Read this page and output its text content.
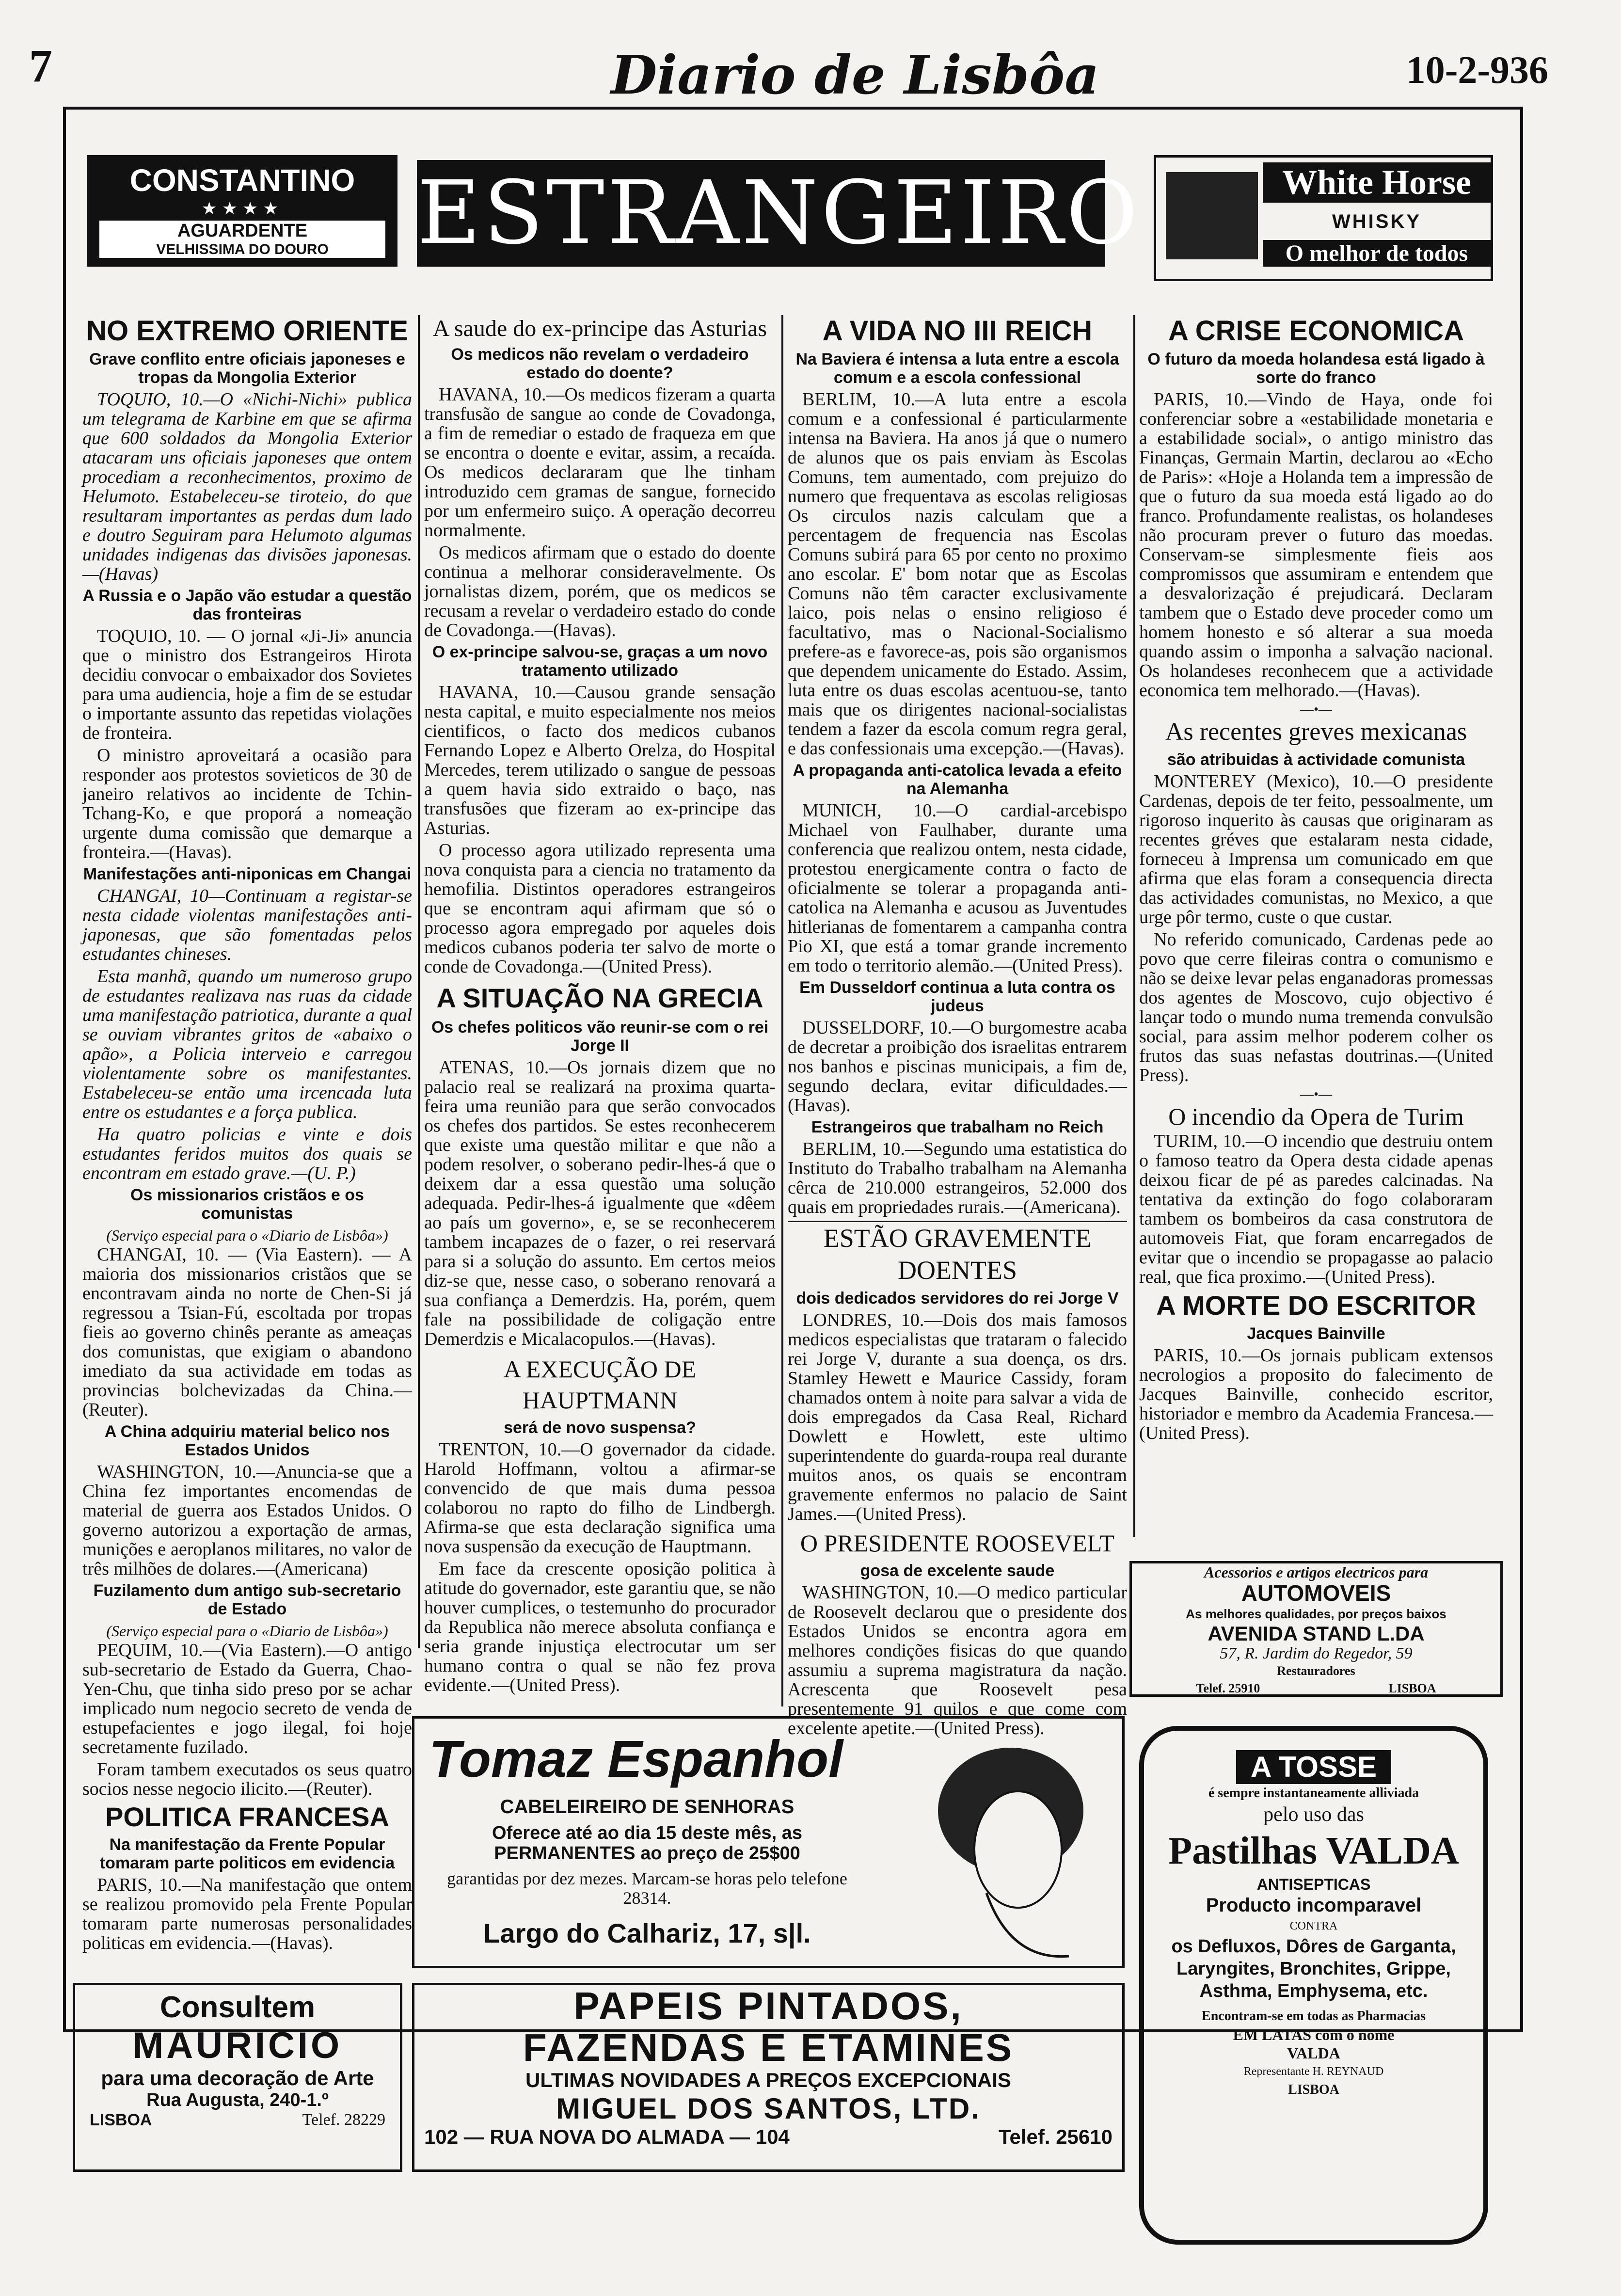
7	Diario de Lisbôa	10-2-936
CONSTANTINO
★★★★
AGUARDENTE
VELHISSIMA DO DOURO	ESTRANGEIRO	White Horse
WHISKY
O melhor de todos
NO EXTREMO ORIENTE
Grave conflito entre oficiais japoneses e tropas da Mongolia Exterior

TOQUIO, 10.—O «Nichi-Nichi» publica um telegrama de Karbine em que se afirma que 600 soldados da Mongolia Exterior atacaram uns oficiais japoneses que ontem procediam a reconhecimentos, proximo de Helumoto. Estabeleceu-se tiroteio, do que resultaram importantes as perdas dum lado e doutro Seguiram para Helumoto algumas unidades indigenas das divisões japonesas.—(Havas)

A Russia e o Japão vão estudar a questão das fronteiras

TOQUIO, 10. — O jornal «Ji-Ji» anuncia que o ministro dos Estrangeiros Hirota decidiu convocar o embaixador dos Sovietes para uma audiencia, hoje a fim de se estudar o importante assunto das repetidas violações de fronteira.

O ministro aproveitará a ocasião para responder aos protestos sovieticos de 30 de janeiro relativos ao incidente de Tchin-Tchang-Ko, e que proporá a nomeação urgente duma comissão que demarque a fronteira.—(Havas).

Manifestações anti-niponicas em Changai

CHANGAI, 10—Continuam a registar-se nesta cidade violentas manifestações anti-japonesas, que são fomentadas pelos estudantes chineses.

Esta manhã, quando um numeroso grupo de estudantes realizava nas ruas da cidade uma manifestação patriotica, durante a qual se ouviam vibrantes gritos de «abaixo o apão», a Policia interveio e carregou violentamente sobre os manifestantes. Estabeleceu-se então uma ircencada luta entre os estudantes e a força publica.

Ha quatro policias e vinte e dois estudantes feridos muitos dos quais se encontram em estado grave.—(U. P.)

Os missionarios cristãos e os comunistas
(Serviço especial para o «Diario de Lisbôa»)

CHANGAI, 10. — (Via Eastern). — A maioria dos missionarios cristãos que se encontravam ainda no norte de Chen-Si já regressou a Tsian-Fú, escoltada por tropas fieis ao governo chinês perante as ameaças dos comunistas, que exigiam o abandono imediato da sua actividade em todas as provincias bolchevizadas da China.—(Reuter).

A China adquiriu material belico nos Estados Unidos

WASHINGTON, 10.—Anuncia-se que a China fez importantes encomendas de material de guerra aos Estados Unidos. O governo autorizou a exportação de armas, munições e aeroplanos militares, no valor de três milhões de dolares.—(Americana)

Fuzilamento dum antigo sub-secretario de Estado
(Serviço especial para o «Diario de Lisbôa»)

PEQUIM, 10.—(Via Eastern).—O antigo sub-secretario de Estado da Guerra, Chao-Yen-Chu, que tinha sido preso por se achar implicado num negocio secreto de venda de estupefacientes e jogo ilegal, foi hoje secretamente fuzilado.

Foram tambem executados os seus quatro socios nesse negocio ilicito.—(Reuter).

POLITICA FRANCESA
Na manifestação da Frente Popular tomaram parte politicos em evidencia

PARIS, 10.—Na manifestação que ontem se realizou promovido pela Frente Popular tomaram parte numerosas personalidades politicas em evidencia.—(Havas).

A saude do ex-principe das Asturias
Os medicos não revelam o verdadeiro estado do doente?

HAVANA, 10.—Os medicos fizeram a quarta transfusão de sangue ao conde de Covadonga, a fim de remediar o estado de fraqueza em que se encontra o doente e evitar, assim, a recaída. Os medicos declararam que lhe tinham introduzido cem gramas de sangue, fornecido por um enfermeiro suiço. A operação decorreu normalmente.

Os medicos afirmam que o estado do doente continua a melhorar consideravelmente. Os jornalistas dizem, porém, que os medicos se recusam a revelar o verdadeiro estado do conde de Covadonga.—(Havas).

O ex-principe salvou-se, graças a um novo tratamento utilizado

HAVANA, 10.—Causou grande sensação nesta capital, e muito especialmente nos meios cientificos, o facto dos medicos cubanos Fernando Lopez e Alberto Orelza, do Hospital Mercedes, terem utilizado o sangue de pessoas a quem havia sido extraido o baço, nas transfusões que fizeram ao ex-principe das Asturias.

O processo agora utilizado representa uma nova conquista para a ciencia no tratamento da hemofilia. Distintos operadores estrangeiros que se encontram aqui afirmam que só o processo agora empregado por aqueles dois medicos cubanos poderia ter salvo de morte o conde de Covadonga.—(United Press).

A SITUAÇÃO NA GRECIA
Os chefes politicos vão reunir-se com o rei Jorge II

ATENAS, 10.—Os jornais dizem que no palacio real se realizará na proxima quarta-feira uma reunião para que serão convocados os chefes dos partidos. Se estes reconhecerem que existe uma questão militar e que não a podem resolver, o soberano pedir-lhes-á que o deixem dar a essa questão uma solução adequada. Pedir-lhes-á igualmente que «dêem ao país um governo», e, se se reconhecerem tambem incapazes de o fazer, o rei reservará para si a solução do assunto. Em certos meios diz-se que, nesse caso, o soberano renovará a sua confiança a Demerdzis. Ha, porém, quem fale na possibilidade de coligação entre Demerdzis e Micalacopulos.—(Havas).

A EXECUÇÃO DE HAUPTMANN
será de novo suspensa?

TRENTON, 10.—O governador da cidade. Harold Hoffmann, voltou a afirmar-se convencido de que mais duma pessoa colaborou no rapto do filho de Lindbergh. Afirma-se que esta declaração significa uma nova suspensão da execução de Hauptmann.

Em face da crescente oposição politica à atitude do governador, este garantiu que, se não houver cumplices, o testemunho do procurador da Republica não merece absoluta confiança e seria grande injustiça electrocutar um ser humano contra o qual se não fez prova evidente.—(United Press).

A VIDA NO III REICH
Na Baviera é intensa a luta entre a escola comum e a escola confessional

BERLIM, 10.—A luta entre a escola comum e a confessional é particularmente intensa na Baviera. Ha anos já que o numero de alunos que os pais enviam às Escolas Comuns, tem aumentado, com prejuizo do numero que frequentava as escolas religiosas Os circulos nazis calculam que a percentagem de frequencia nas Escolas Comuns subirá para 65 por cento no proximo ano escolar. E' bom notar que as Escolas Comuns não têm caracter exclusivamente laico, pois nelas o ensino religioso é facultativo, mas o Nacional-Socialismo prefere-as e favorece-as, pois são organismos que dependem unicamente do Estado. Assim, luta entre os duas escolas acentuou-se, tanto mais que os dirigentes nacional-socialistas tendem a fazer da escola comum regra geral, e das confessionais uma excepção.—(Havas).

A propaganda anti-catolica levada a efeito na Alemanha

MUNICH, 10.—O cardial-arcebispo Michael von Faulhaber, durante uma conferencia que realizou ontem, nesta cidade, protestou energicamente contra o facto de oficialmente se tolerar a propaganda anti-catolica na Alemanha e acusou as Juventudes hitlerianas de fomentarem a campanha contra Pio XI, que está a tomar grande incremento em todo o territorio alemão.—(United Press).

Em Dusseldorf continua a luta contra os judeus

DUSSELDORF, 10.—O burgomestre acaba de decretar a proibição dos israelitas entrarem nos banhos e piscinas municipais, a fim de, segundo declara, evitar dificuldades.—(Havas).

Estrangeiros que trabalham no Reich

BERLIM, 10.—Segundo uma estatistica do Instituto do Trabalho trabalham na Alemanha cêrca de 210.000 estrangeiros, 52.000 dos quais em propriedades rurais.—(Americana).

ESTÃO GRAVEMENTE DOENTES
dois dedicados servidores do rei Jorge V

LONDRES, 10.—Dois dos mais famosos medicos especialistas que trataram o falecido rei Jorge V, durante a sua doença, os drs. Stamley Hewett e Maurice Cassidy, foram chamados ontem à noite para salvar a vida de dois empregados da Casa Real, Richard Dowlett e Howlett, este ultimo superintendente do guarda-roupa real durante muitos anos, os quais se encontram gravemente enfermos no palacio de Saint James.—(United Press).

O PRESIDENTE ROOSEVELT
gosa de excelente saude

WASHINGTON, 10.—O medico particular de Roosevelt declarou que o presidente dos Estados Unidos se encontra agora em melhores condições fisicas do que quando assumiu a suprema magistratura da nação. Acrescenta que Roosevelt pesa presentemente 91 quilos e que come com excelente apetite.—(United Press).

A CRISE ECONOMICA
O futuro da moeda holandesa está ligado à sorte do franco

PARIS, 10.—Vindo de Haya, onde foi conferenciar sobre a «estabilidade monetaria e a estabilidade social», o antigo ministro das Finanças, Germain Martin, declarou ao «Echo de Paris»: «Hoje a Holanda tem a impressão de que o futuro da sua moeda está ligado ao do franco. Profundamente realistas, os holandeses não procuram prever o futuro das moedas. Conservam-se simplesmente fieis aos compromissos que assumiram e entendem que a desvalorização é prejudicará. Declaram tambem que o Estado deve proceder como um homem honesto e só alterar a sua moeda quando assim o imponha a salvação nacional. Os holandeses reconhecem que a actividade economica tem melhorado.—(Havas).

—•—
As recentes greves mexicanas
são atribuidas à actividade comunista

MONTEREY (Mexico), 10.—O presidente Cardenas, depois de ter feito, pessoalmente, um rigoroso inquerito às causas que originaram as recentes gréves que estalaram nesta cidade, forneceu à Imprensa um comunicado em que afirma que elas foram a consequencia directa das actividades comunistas, no Mexico, a que urge pôr termo, custe o que custar.

No referido comunicado, Cardenas pede ao povo que cerre fileiras contra o comunismo e não se deixe levar pelas enganadoras promessas dos agentes de Moscovo, cujo objectivo é lançar todo o mundo numa tremenda convulsão social, para assim melhor poderem colher os frutos das suas nefastas doutrinas.—(United Press).

—•—
O incendio da Opera de Turim

TURIM, 10.—O incendio que destruiu ontem o famoso teatro da Opera desta cidade apenas deixou ficar de pé as paredes calcinadas. Na tentativa da extinção do fogo colaboraram tambem os bombeiros da casa construtora de automoveis Fiat, que foram encarregados de evitar que o incendio se propagasse ao palacio real, que fica proximo.—(United Press).

A MORTE DO ESCRITOR
Jacques Bainville

PARIS, 10.—Os jornais publicam extensos necrologios a proposito do falecimento de Jacques Bainville, conhecido escritor, historiador e membro da Academia Francesa.—(United Press).

Acessorios e artigos electricos para
AUTOMOVEIS
As melhores qualidades, por preços baixos
AVENIDA STAND L.DA
57, R. Jardim do Regedor, 59
Restauradores
Telef. 25910	LISBOA
Tomaz Espanhol
CABELEIREIRO DE SENHORAS
Oferece até ao dia 15 deste mês, as PERMANENTES ao preço de 25$00
garantidas por dez mezes. Marcam-se horas pelo telefone 28314.
Largo do Calhariz, 17, s|l.
A TOSSE
é sempre instantaneamente alliviada
pelo uso das
Pastilhas VALDA
ANTISEPTICAS
Producto incomparavel
CONTRA
os Defluxos, Dôres de Garganta, Laryngites, Bronchites, Grippe, Asthma, Emphysema, etc.
Encontram-se em todas as Pharmacias
EM LATAS com o nome
VALDA
Representante H. REYNAUD
LISBOA
Consultem
MAURICIO
para uma decoração de Arte
Rua Augusta, 240-1.º
LISBOA	Telef. 28229
PAPEIS PINTADOS,
FAZENDAS E ETAMINES
ULTIMAS NOVIDADES A PREÇOS EXCEPCIONAIS
MIGUEL DOS SANTOS, LTD.
102 — RUA NOVA DO ALMADA — 104	Telef. 25610
